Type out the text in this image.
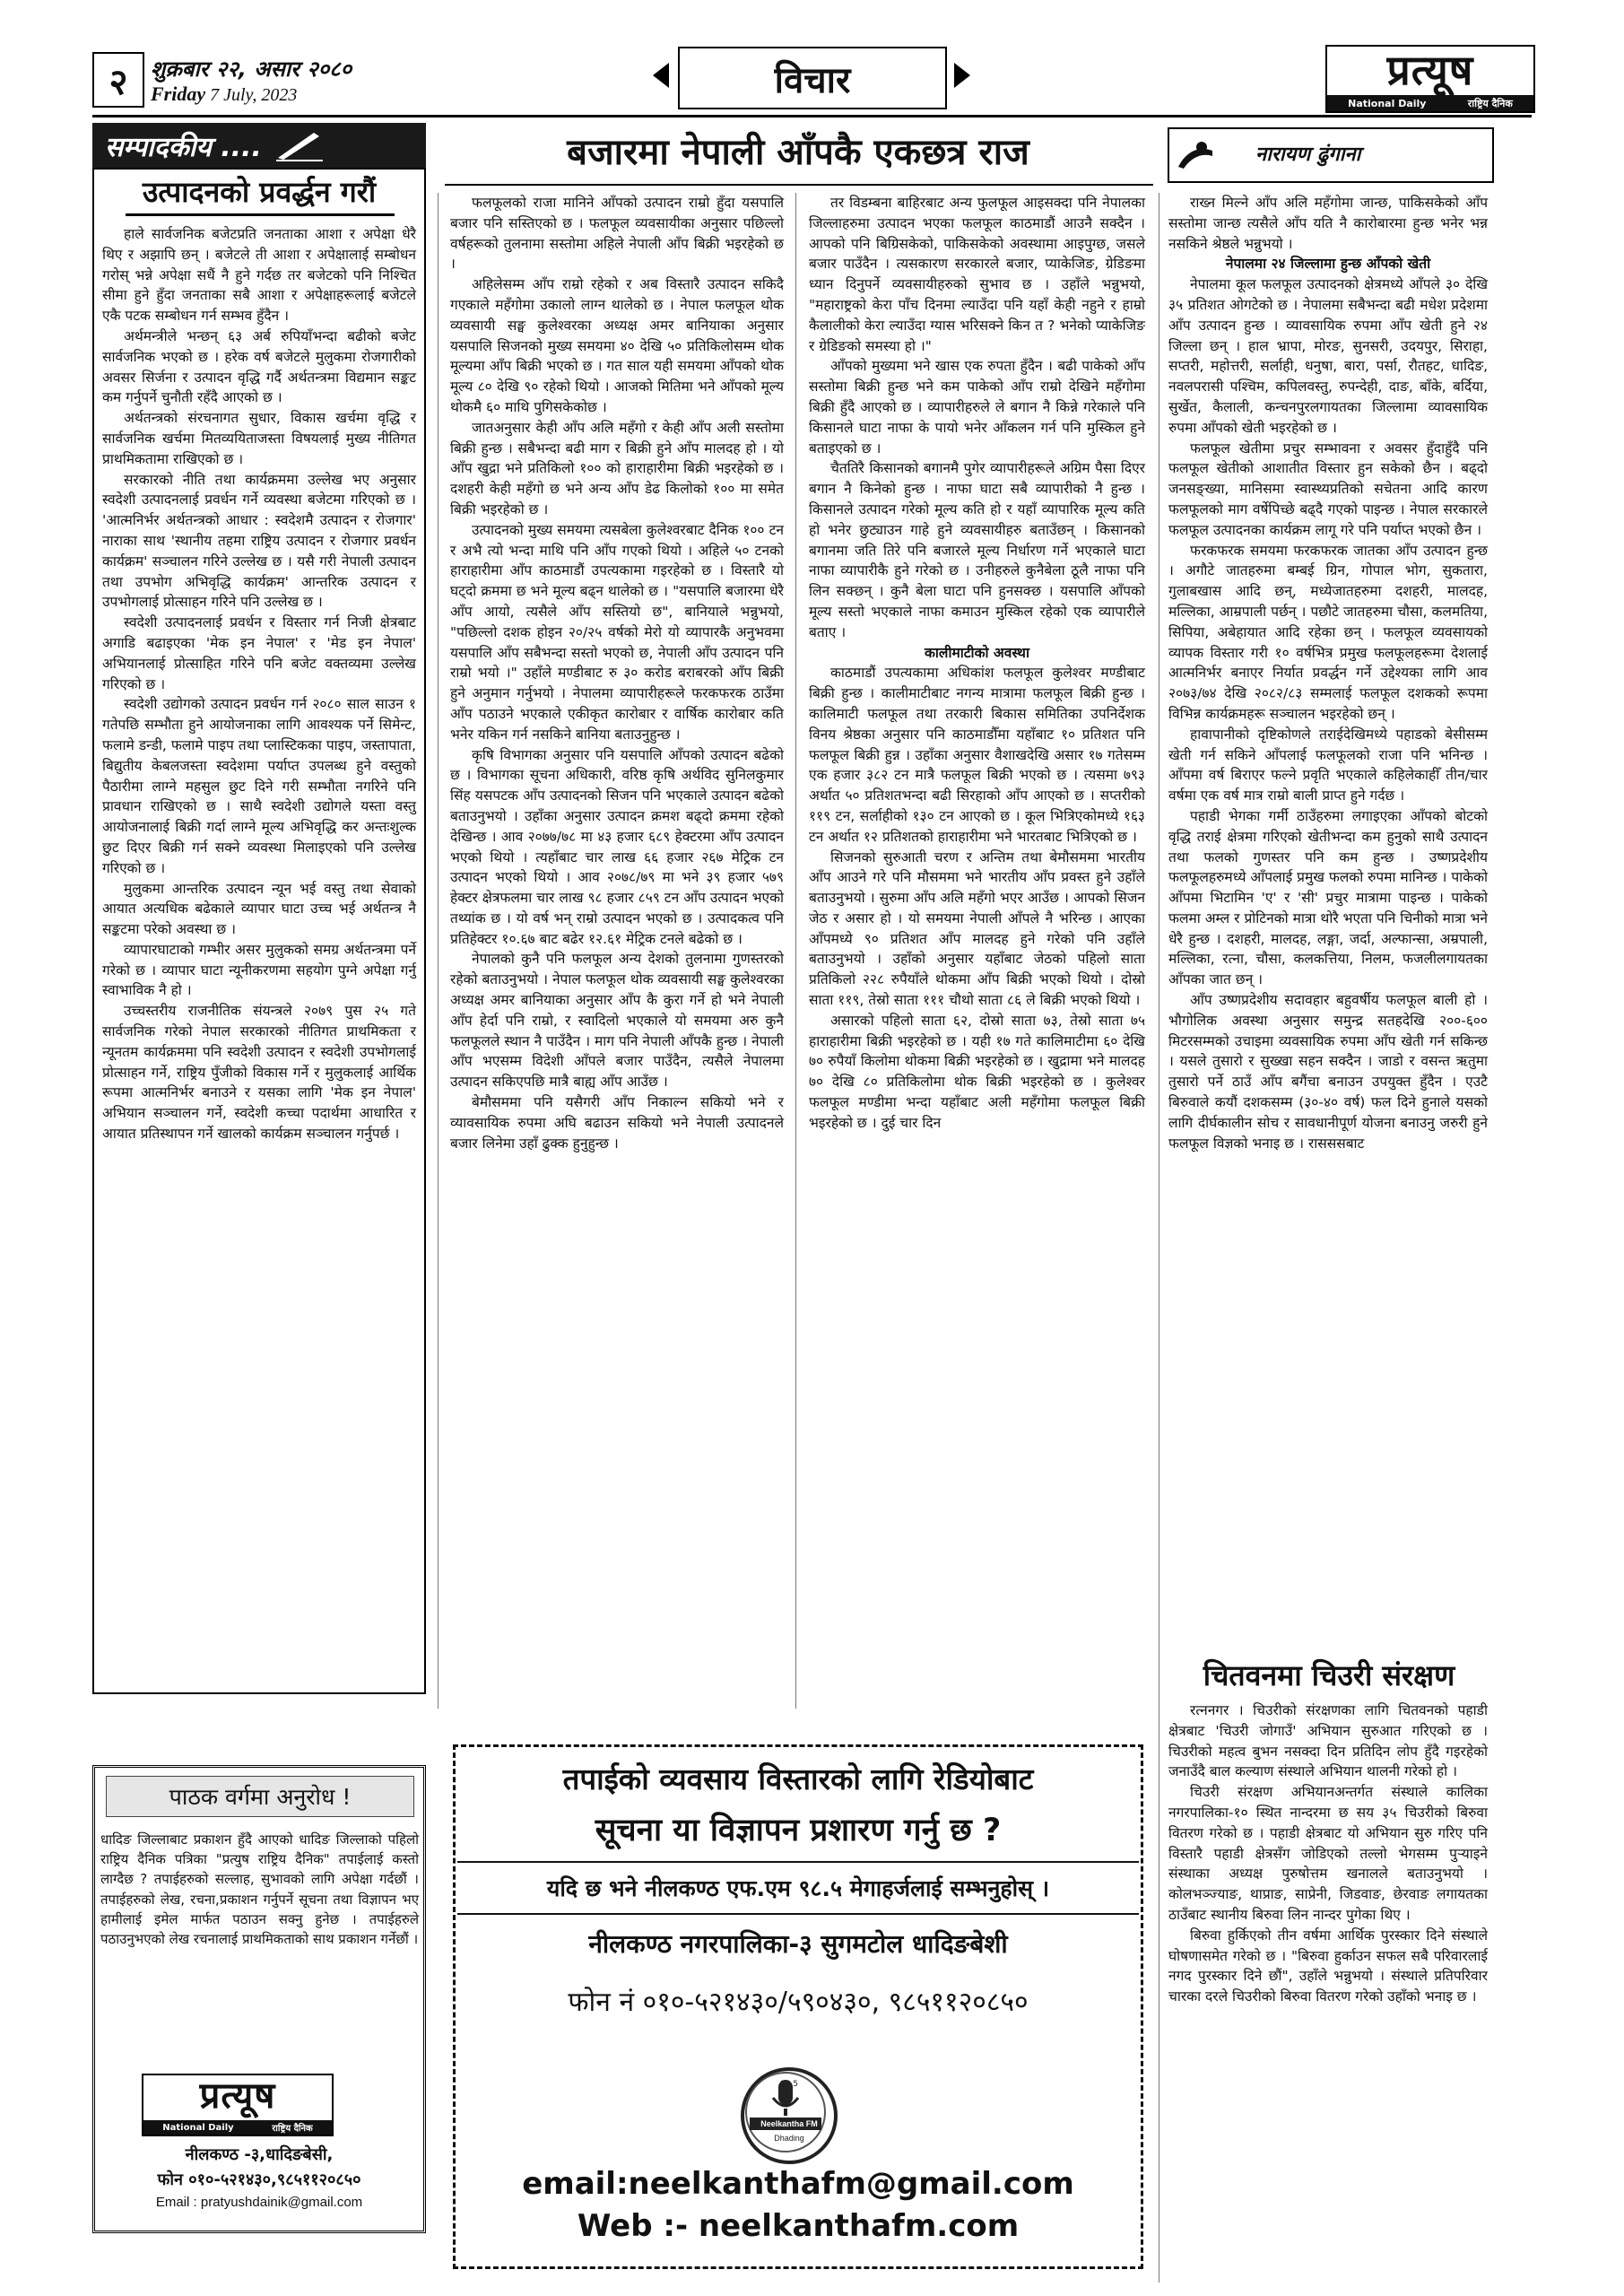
२	शुक्रबार २२, असार २०८०
Friday 7 July, 2023	विचार	प्रत्यूष
National Daily	राष्ट्रिय दैनिक
सम्पादकीय ....
उत्पादनको प्रवर्द्धन गरौं

हाले सार्वजनिक बजेटप्रति जनताका आशा र अपेक्षा धेरै थिए र अझापि छन् । बजेटले ती आशा र अपेक्षालाई सम्बोधन गरोस् भन्ने अपेक्षा सधैं नै हुने गर्दछ तर बजेटको पनि निश्चित सीमा हुने हुँदा जनताका सबै आशा र अपेक्षाहरूलाई बजेटले एकै पटक सम्बोधन गर्न सम्भव हुँदैन ।

अर्थमन्त्रीले भन्छन् ६३ अर्ब रुपियाँभन्दा बढीको बजेट सार्वजनिक भएको छ । हरेक वर्ष बजेटले मुलुकमा रोजगारीको अवसर सिर्जना र उत्पादन वृद्धि गर्दै अर्थतन्त्रमा विद्यमान सङ्कट कम गर्नुपर्ने चुनौती रहँदै आएको छ ।

अर्थतन्त्रको संरचनागत सुधार, विकास खर्चमा वृद्धि र सार्वजनिक खर्चमा मितव्ययिताजस्ता विषयलाई मुख्य नीतिगत प्राथमिकतामा राखिएको छ ।

सरकारको नीति तथा कार्यक्रममा उल्लेख भए अनुसार स्वदेशी उत्पादनलाई प्रवर्धन गर्ने व्यवस्था बजेटमा गरिएको छ । 'आत्मनिर्भर अर्थतन्त्रको आधार : स्वदेशमै उत्पादन र रोजगार' नाराका साथ 'स्थानीय तहमा राष्ट्रिय उत्पादन र रोजगार प्रवर्धन कार्यक्रम' सञ्चालन गरिने उल्लेख छ । यसै गरी नेपाली उत्पादन तथा उपभोग अभिवृद्धि कार्यक्रम' आन्तरिक उत्पादन र उपभोगलाई प्रोत्साहन गरिने पनि उल्लेख छ ।

स्वदेशी उत्पादनलाई प्रवर्धन र विस्तार गर्न निजी क्षेत्रबाट अगाडि बढाइएका 'मेक इन नेपाल' र 'मेड इन नेपाल' अभियानलाई प्रोत्साहित गरिने पनि बजेट वक्तव्यमा उल्लेख गरिएको छ ।

स्वदेशी उद्योगको उत्पादन प्रवर्धन गर्न २०८० साल साउन १ गतेपछि सम्भौता हुने आयोजनाका लागि आवश्यक पर्ने सिमेन्ट, फलामे डन्डी, फलामे पाइप तथा प्लास्टिकका पाइप, जस्तापाता, बिद्युतीय केबलजस्ता स्वदेशमा पर्याप्त उपलब्ध हुने वस्तुको पैठारीमा लाग्ने महसुल छुट दिने गरी सम्भौता नगरिने पनि प्रावधान राखिएको छ । साथै स्वदेशी उद्योगले यस्ता वस्तु आयोजनालाई बिक्री गर्दा लाग्ने मूल्य अभिवृद्धि कर अन्तःशुल्क छुट दिएर बिक्री गर्न सक्ने व्यवस्था मिलाइएको पनि उल्लेख गरिएको छ ।

मुलुकमा आन्तरिक उत्पादन न्यून भई वस्तु तथा सेवाको आयात अत्यधिक बढेकाले व्यापार घाटा उच्च भई अर्थतन्त्र नै सङ्कटमा परेको अवस्था छ ।

व्यापारघाटाको गम्भीर असर मुलुकको समग्र अर्थतन्त्रमा पर्ने गरेको छ । व्यापार घाटा न्यूनीकरणमा सहयोग पुग्ने अपेक्षा गर्नु स्वाभाविक नै हो ।

उच्चस्तरीय राजनीतिक संयन्त्रले २०७९ पुस २५ गते सार्वजनिक गरेको नेपाल सरकारको नीतिगत प्राथमिकता र न्यूनतम कार्यक्रममा पनि स्वदेशी उत्पादन र स्वदेशी उपभोगलाई प्रोत्साहन गर्ने, राष्ट्रिय पुँजीको विकास गर्ने र मुलुकलाई आर्थिक रूपमा आत्मनिर्भर बनाउने र यसका लागि 'मेक इन नेपाल' अभियान सञ्चालन गर्ने, स्वदेशी कच्चा पदार्थमा आधारित र आयात प्रतिस्थापन गर्ने खालको कार्यक्रम सञ्चालन गर्नुपर्छ ।

बजारमा नेपाली आँपकै एकछत्र राज

फलफूलको राजा मानिने आँपको उत्पादन राम्रो हुँदा यसपालि बजार पनि सस्तिएको छ । फलफूल व्यवसायीका अनुसार पछिल्लो वर्षहरूको तुलनामा सस्तोमा अहिले नेपाली आँप बिक्री भइरहेको छ ।

अहिलेसम्म आँप राम्रो रहेको र अब विस्तारै उत्पादन सकिदै गएकाले महँगोमा उकालो लाग्न थालेको छ । नेपाल फलफूल थोक व्यवसायी सङ्घ कुलेश्वरका अध्यक्ष अमर बानियाका अनुसार यसपालि सिजनको मुख्य समयमा ४० देखि ५० प्रतिकिलोसम्म थोक मूल्यमा आँप बिक्री भएको छ । गत साल यही समयमा आँपको थोक मूल्य ८० देखि ९० रहेको थियो । आजको मितिमा भने आँपको मूल्य थोकमै ६० माथि पुगिसकेकोछ ।

जातअनुसार केही आँप अलि महँगो र केही आँप अली सस्तोमा बिक्री हुन्छ । सबैभन्दा बढी माग र बिक्री हुने आँप मालदह हो । यो आँप खुद्रा भने प्रतिकिलो १०० को हाराहारीमा बिक्री भइरहेको छ । दशहरी केही महँगो छ भने अन्य आँप डेढ किलोको १०० मा समेत बिक्री भइरहेको छ ।

उत्पादनको मुख्य समयमा त्यसबेला कुलेश्वरबाट दैनिक १०० टन र अभै त्यो भन्दा माथि पनि आँप गएको थियो । अहिले ५० टनको हाराहारीमा आँप काठमाडौं उपत्यकामा गइरहेको छ । विस्तारै यो घट्दो क्रममा छ भने मूल्य बढ्न थालेको छ । "यसपालि बजारमा धेरै आँप आयो, त्यसैले आँप सस्तियो छ", बानियाले भन्नुभयो, "पछिल्लो दशक होइन २०/२५ वर्षको मेरो यो व्यापारकै अनुभवमा यसपालि आँप सबैभन्दा सस्तो भएको छ, नेपाली आँप उत्पादन पनि राम्रो भयो ।" उहाँले मण्डीबाट रु ३० करोड बराबरको आँप बिक्री हुने अनुमान गर्नुभयो । नेपालमा व्यापारीहरूले फरकफरक ठाउँमा आँप पठाउने भएकाले एकीकृत कारोबार र वार्षिक कारोबार कति भनेर यकिन गर्न नसकिने बानिया बताउनुहुन्छ ।

कृषि विभागका अनुसार पनि यसपालि आँपको उत्पादन बढेको छ । विभागका सूचना अधिकारी, वरिष्ठ कृषि अर्थविद सुनिलकुमार सिंह यसपटक आँप उत्पादनको सिजन पनि भएकाले उत्पादन बढेको बताउनुभयो । उहाँका अनुसार उत्पादन क्रमश बढ्दो क्रममा रहेको देखिन्छ । आव २०७७/७८ मा ४३ हजार ६८९ हेक्टरमा आँप उत्पादन भएको थियो । त्यहाँबाट चार लाख ६६ हजार २६७ मेट्रिक टन उत्पादन भएको थियो । आव २०७८/७९ मा भने ३९ हजार ५७९ हेक्टर क्षेत्रफलमा चार लाख ९८ हजार ८५९ टन आँप उत्पादन भएको तथ्यांक छ । यो वर्ष भन् राम्रो उत्पादन भएको छ । उत्पादकत्व पनि प्रतिहेक्टर १०.६७ बाट बढेर १२.६१ मेट्रिक टनले बढेको छ ।

नेपालको कुनै पनि फलफूल अन्य देशको तुलनामा गुणस्तरको रहेको बताउनुभयो । नेपाल फलफूल थोक व्यवसायी सङ्घ कुलेश्वरका अध्यक्ष अमर बानियाका अनुसार आँप कै कुरा गर्ने हो भने नेपाली आँप हेर्दा पनि राम्रो, र स्वादिलो भएकाले यो समयमा अरु कुनै फलफूलले स्थान नै पाउँदैन । माग पनि नेपाली आँपकै हुन्छ । नेपाली आँप भएसम्म विदेशी आँपले बजार पाउँदैन, त्यसैले नेपालमा उत्पादन सकिएपछि मात्रै बाह्य आँप आउँछ ।

बेमौसममा पनि यसैगरी आँप निकाल्न सकियो भने र व्यावसायिक रुपमा अघि बढाउन सकियो भने नेपाली उत्पादनले बजार लिनेमा उहाँ ढुक्क हुनुहुन्छ ।

तर विडम्बना बाहिरबाट अन्य फुलफूल आइसक्दा पनि नेपालका जिल्लाहरुमा उत्पादन भएका फलफूल काठमाडौं आउनै सक्दैन । आपको पनि बिग्रिसकेको, पाकिसकेको अवस्थामा आइपुग्छ, जसले बजार पाउँदैन । त्यसकारण सरकारले बजार, प्याकेजिङ, ग्रेडिङमा ध्यान दिनुपर्ने व्यवसायीहरुको सुभाव छ । उहाँले भन्नुभयो, "महाराष्ट्रको केरा पाँच दिनमा ल्याउँदा पनि यहाँ केही नहुने र हाम्रो कैलालीको केरा ल्याउँदा ग्यास भरिसक्ने किन त ? भनेको प्याकेजिङ र ग्रेडिङको समस्या हो ।"

आँपको मुख्यमा भने खास एक रुपता हुँदैन । बढी पाकेको आँप सस्तोमा बिक्री हुन्छ भने कम पाकेको आँप राम्रो देखिने महँगोमा बिक्री हुँदै आएको छ । व्यापारीहरुले ले बगान नै किन्ने गरेकाले पनि किसानले घाटा नाफा के पायो भनेर आँकलन गर्न पनि मुस्किल हुने बताइएको छ ।

चैततिरै किसानको बगानमै पुगेर व्यापारीहरूले अग्रिम पैसा दिएर बगान नै किनेको हुन्छ । नाफा घाटा सबै व्यापारीको नै हुन्छ । किसानले उत्पादन गरेको मूल्य कति हो र यहाँ व्यापारिक मूल्य कति हो भनेर छुट्याउन गाहे हुने व्यवसायीहरु बताउँछन् । किसानको बगानमा जति तिरे पनि बजारले मूल्य निर्धारण गर्ने भएकाले घाटा नाफा व्यापारीकै हुने गरेको छ । उनीहरुले कुनैबेला ठूलै नाफा पनि लिन सक्छन् । कुनै बेला घाटा पनि हुनसक्छ । यसपालि आँपको मूल्य सस्तो भएकाले नाफा कमाउन मुस्किल रहेको एक व्यापारीले बताए ।

कालीमाटीको अवस्था

काठमाडौं उपत्यकामा अधिकांश फलफूल कुलेश्वर मण्डीबाट बिक्री हुन्छ । कालीमाटीबाट नगन्य मात्रामा फलफूल बिक्री हुन्छ । कालिमाटी फलफूल तथा तरकारी बिकास समितिका उपनिर्देशक विनय श्रेष्ठका अनुसार पनि काठमाडौँमा यहाँबाट १० प्रतिशत पनि फलफूल बिक्री हुन्न । उहाँका अनुसार वैशाखदेखि असार १७ गतेसम्म एक हजार ३८२ टन मात्रै फलफूल बिक्री भएको छ । त्यसमा ७९३ अर्थात ५० प्रतिशतभन्दा बढी सिरहाको आँप आएको छ । सप्तरीको ११९ टन, सर्लाहीको १३० टन आएको छ । कूल भित्रिएकोमध्ये १६३ टन अर्थात १२ प्रतिशतको हाराहारीमा भने भारतबाट भित्रिएको छ ।

सिजनको सुरुआती चरण र अन्तिम तथा बेमौसममा भारतीय आँप आउने गरे पनि मौसममा भने भारतीय आँप प्रवस्त हुने उहाँले बताउनुभयो । सुरुमा आँप अलि महँगो भएर आउँछ । आपको सिजन जेठ र असार हो । यो समयमा नेपाली आँपले नै भरिन्छ । आएका आँपमध्ये ९० प्रतिशत आँप मालदह हुने गरेको पनि उहाँले बताउनुभयो । उहाँको अनुसार यहाँबाट जेठको पहिलो साता प्रतिकिलो २२८ रुपैयाँले थोकमा आँप बिक्री भएको थियो । दोस्रो साता ११९, तेस्रो साता १११ चौथो साता ८६ ले बिक्री भएको थियो ।

असारको पहिलो साता ६२, दोस्रो साता ७३, तेस्रो साता ७५ हाराहारीमा बिक्री भइरहेको छ । यही १७ गते कालिमाटीमा ६० देखि ७० रुपैयाँ किलोमा थोकमा बिक्री भइरहेको छ । खुद्रामा भने मालदह ७० देखि ८० प्रतिकिलोमा थोक बिक्री भइरहेको छ । कुलेश्वर फलफूल मण्डीमा भन्दा यहाँबाट अली महँगोमा फलफूल बिक्री भइरहेको छ । दुई चार दिन

नारायण ढुंगाना

राख्न मिल्ने आँप अलि महँगोमा जान्छ, पाकिसकेको आँप सस्तोमा जान्छ त्यसैले आँप यति नै कारोबारमा हुन्छ भनेर भन्न नसकिने श्रेष्ठले भन्नुभयो ।

नेपालमा २४ जिल्लामा हुन्छ आँपको खेती

नेपालमा कूल फलफूल उत्पादनको क्षेत्रमध्ये आँपले ३० देखि ३५ प्रतिशत ओगटेको छ । नेपालमा सबैभन्दा बढी मधेश प्रदेशमा आँप उत्पादन हुन्छ । व्यावसायिक रुपमा आँप खेती हुने २४ जिल्ला छन् । हाल भ्रापा, मोरङ, सुनसरी, उदयपुर, सिराहा, सप्तरी, महोत्तरी, सर्लाही, धनुषा, बारा, पर्सा, रौतहट, धादिङ, नवलपरासी पश्चिम, कपिलवस्तु, रुपन्देही, दाङ, बाँके, बर्दिया, सुर्खेत, कैलाली, कन्चनपुरलगायतका जिल्लामा व्यावसायिक रुपमा आँपको खेती भइरहेको छ ।

फलफूल खेतीमा प्रचुर सम्भावना र अवसर हुँदाहुँदै पनि फलफूल खेतीको आशातीत विस्तार हुन सकेको छैन । बढ्दो जनसङ्ख्या, मानिसमा स्वास्थ्यप्रतिको सचेतना आदि कारण फलफूलको माग वर्षेपिच्छे बढ्दै गएको पाइन्छ । नेपाल सरकारले फलफूल उत्पादनका कार्यक्रम लागू गरे पनि पर्याप्त भएको छैन ।

फरकफरक समयमा फरकफरक जातका आँप उत्पादन हुन्छ । अगौटे जातहरुमा बम्बई ग्रिन, गोपाल भोग, सुकतारा, गुलाबखास आदि छन्, मध्येजातहरुमा दशहरी, मालदह, मल्लिका, आम्रपाली पर्छन् । पछौटे जातहरुमा चौसा, कलमतिया, सिपिया, अबेहायात आदि रहेका छन् । फलफूल व्यवसायको व्यापक विस्तार गरी १० वर्षभित्र प्रमुख फलफूलहरूमा देशलाई आत्मनिर्भर बनाएर निर्यात प्रवर्द्धन गर्ने उद्देश्यका लागि आव २०७३/७४ देखि २०८२/८३ सम्मलाई फलफूल दशकको रूपमा विभिन्न कार्यक्रमहरू सञ्चालन भइरहेको छन् ।

हावापानीको दृष्टिकोणले तराईदेखिमध्ये पहाडको बेसीसम्म खेती गर्न सकिने आँपलाई फलफूलको राजा पनि भनिन्छ । आँपमा वर्ष बिराएर फल्ने प्रवृति भएकाले कहिलेकाहीँ तीन/चार वर्षमा एक वर्ष मात्र राम्रो बाली प्राप्त हुने गर्दछ ।

पहाडी भेगका गर्मी ठाउँहरुमा लगाइएका आँपको बोटको वृद्धि तराई क्षेत्रमा गरिएको खेतीभन्दा कम हुनुको साथै उत्पादन तथा फलको गुणस्तर पनि कम हुन्छ । उष्णप्रदेशीय फलफूलहरुमध्ये आँपलाई प्रमुख फलको रुपमा मानिन्छ । पाकेको आँपमा भिटामिन 'ए' र 'सी' प्रचुर मात्रामा पाइन्छ । पाकेको फलमा अम्ल र प्रोटिनको मात्रा थोरै भएता पनि चिनीको मात्रा भने धेरै हुन्छ । दशहरी, मालदह, लङ्गा, जर्दा, अल्फान्सा, अम्रपाली, मल्लिका, रत्ना, चौसा, कलकत्तिया, निलम, फजलीलगायतका आँपका जात छन् ।

आँप उष्णप्रदेशीय सदावहार बहुवर्षीय फलफूल बाली हो । भौगोलिक अवस्था अनुसार समुन्द्र सतहदेखि २००-६०० मिटरसम्मको उचाइमा व्यवसायिक रुपमा आँप खेती गर्न सकिन्छ । यसले तुसारो र सुख्खा सहन सक्दैन । जाडो र वसन्त ऋतुमा तुसारो पर्ने ठाउँ आँप बगैंचा बनाउन उपयुक्त हुँदैन । एउटै बिरुवाले कयौं दशकसम्म (३०-४० वर्ष) फल दिने हुनाले यसको लागि दीर्घकालीन सोच र सावधानीपूर्ण योजना बनाउनु जरुरी हुने फलफूल विज्ञको भनाइ छ । रासससबाट

चितवनमा चिउरी संरक्षण

रत्ननगर । चिउरीको संरक्षणका लागि चितवनको पहाडी क्षेत्रबाट 'चिउरी जोगाउँ' अभियान सुरुआत गरिएको छ । चिउरीको महत्व बुभन नसक्दा दिन प्रतिदिन लोप हुँदै गइरहेको जनाउँदै बाल कल्याण संस्थाले अभियान थालनी गरेको हो ।

चिउरी संरक्षण अभियानअन्तर्गत संस्थाले कालिका नगरपालिका-१० स्थित नान्दरमा छ सय ३५ चिउरीको बिरुवा वितरण गरेको छ । पहाडी क्षेत्रबाट यो अभियान सुरु गरिए पनि विस्तारै पहाडी क्षेत्रसँग जोडिएको तल्लो भेगसम्म पुऱ्याइने संस्थाका अध्यक्ष पुरुषोत्तम खनालले बताउनुभयो । कोलभञ्ज्याङ, थाप्राङ, साप्रेनी, जिडवाङ, छेरवाङ लगायतका ठाउँबाट स्थानीय बिरुवा लिन नान्दर पुगेका थिए ।

बिरुवा हुर्किएको तीन वर्षमा आर्थिक पुरस्कार दिने संस्थाले घोषणासमेत गरेको छ । "बिरुवा हुर्काउन सफल सबै परिवारलाई नगद पुरस्कार दिने छौं", उहाँले भन्नुभयो । संस्थाले प्रतिपरिवार चारका दरले चिउरीको बिरुवा वितरण गरेको उहाँको भनाइ छ ।

पाठक वर्गमा अनुरोध !
धादिङ जिल्लाबाट प्रकाशन हुँदै आएको धादिङ जिल्लाको पहिलो राष्ट्रिय दैनिक पत्रिका "प्रत्युष राष्ट्रिय दैनिक" तपाईलाई कस्तो लाग्दैछ ? तपाईहरुको सल्लाह, सुभावको लागि अपेक्षा गर्दछौं । तपाईहरुको लेख, रचना,प्रकाशन गर्नुपर्ने सूचना तथा विज्ञापन भए हामीलाई इमेल मार्फत पठाउन सक्नु हुनेछ । तपाईहरुले पठाउनुभएको लेख रचनालाई प्राथमिकताको साथ प्रकाशन गर्नेछौं ।
प्रत्यूष
National Daily	राष्ट्रिय दैनिक
नीलकण्ठ -३,धादिङबेसी,
फोन ०१०-५२१४३०,९८५११२०८५०
Email : pratyushdainik@gmail.com
तपाईको व्यवसाय विस्तारको लागि रेडियोबाट
सूचना या विज्ञापन प्रशारण गर्नु छ ?
यदि छ भने नीलकण्ठ एफ.एम ९८.५ मेगाहर्जलाई सम्भनुहोस् ।
नीलकण्ठ नगरपालिका-३ सुगमटोल धादिङबेशी
फोन नं ०१०-५२१४३०/५९०४३०, ९८५११२०८५०
98.5
Neelkantha FM
Dhading
email:neelkanthafm@gmail.com
Web :- neelkanthafm.com
